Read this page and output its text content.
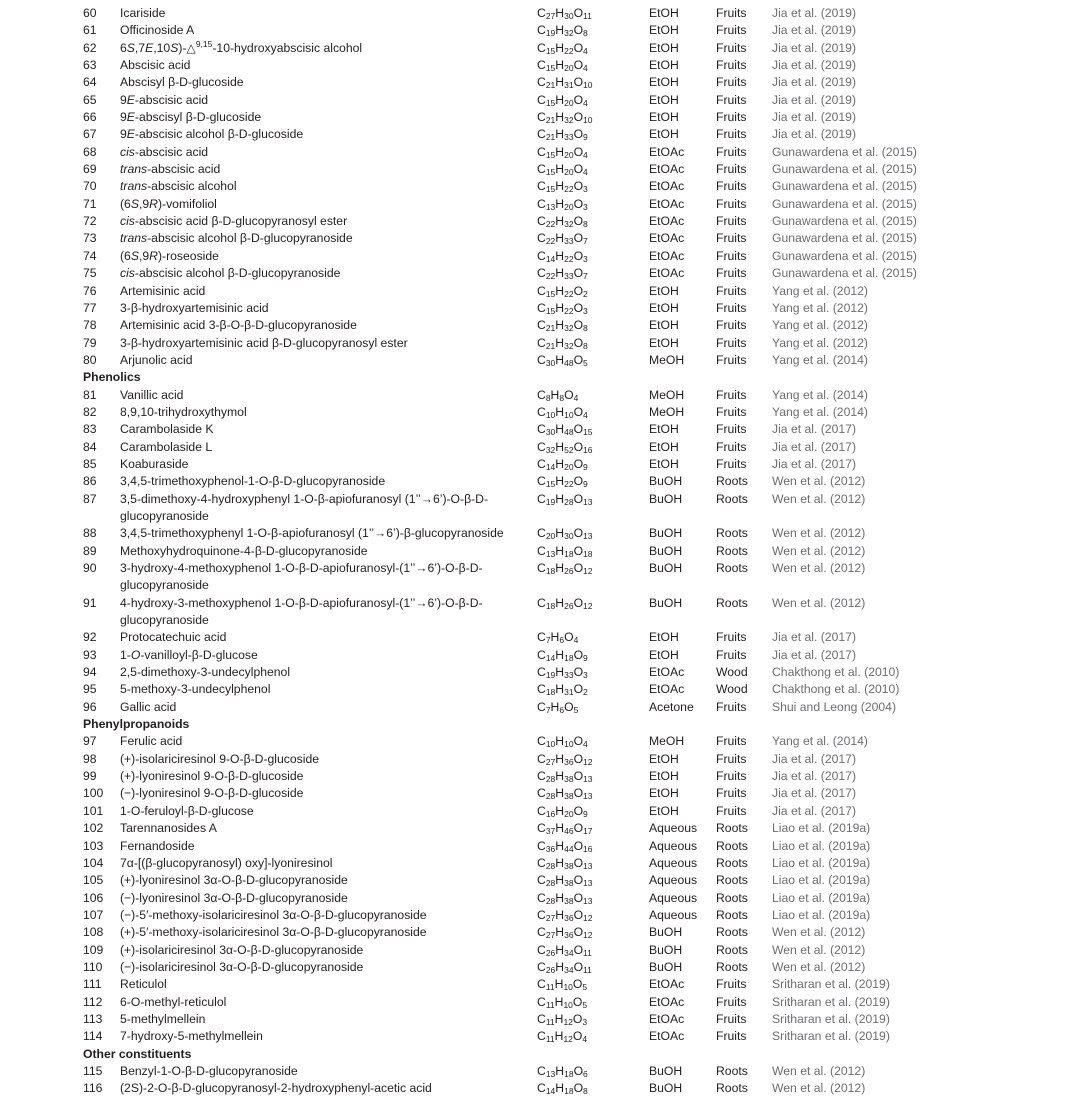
60	Icariside	$C_{27}H_{30}O_{11}$	EtOH	Fruits Jia et al. (2019)
61	Officinoside A	$C_{19}H_{32}O_8$	EtOH	Fruits Jia et al. (2019)
62	6S,7E,10S)-△$^{9,15}$-10-hydroxyabscisic alcohol	$C_{15}H_{22}O_4$	EtOH	Fruits Jia et al. (2019)
63	Abscisic acid	$C_{15}H_{20}O_4$	EtOH	Fruits Jia et al. (2019)
64	Abscisyl β-D-glucoside	$C_{21}H_{31}O_{10}$	EtOH	Fruits Jia et al. (2019)
65	9E-abscisic acid	$C_{15}H_{20}O_4$	EtOH	Fruits Jia et al. (2019)
66	9E-abscisyl β-D-glucoside	$C_{21}H_{32}O_{10}$	EtOH	Fruits Jia et al. (2019)
67	9E-abscisic alcohol β-D-glucoside	$C_{21}H_{33}O_9$	EtOH	Fruits Jia et al. (2019)
68	cis-abscisic acid	$C_{15}H_{20}O_4$	EtOAc	Fruits Gunawardena et al. (2015)
69	trans-abscisic acid	$C_{15}H_{20}O_4$	EtOAc	Fruits Gunawardena et al. (2015)
70	trans-abscisic alcohol	$C_{15}H_{22}O_3$	EtOAc	Fruits Gunawardena et al. (2015)
71	(6S,9R)-vomifoliol	$C_{13}H_{20}O_3$	EtOAc	Fruits Gunawardena et al. (2015)
72	cis-abscisic acid β-D-glucopyranosyl ester	$C_{22}H_{32}O_8$	EtOAc	Fruits Gunawardena et al. (2015)
73	trans-abscisic alcohol β-D-glucopyranoside	$C_{22}H_{33}O_7$	EtOAc	Fruits Gunawardena et al. (2015)
74	(6S,9R)-roseoside	$C_{14}H_{22}O_3$	EtOAc	Fruits Gunawardena et al. (2015)
75	cis-abscisic alcohol β-D-glucopyranoside	$C_{22}H_{33}O_7$	EtOAc	Fruits Gunawardena et al. (2015)
76	Artemisinic acid	$C_{15}H_{22}O_2$	EtOH	Fruits Yang et al. (2012)
77	3-β-hydroxyartemisinic acid	$C_{15}H_{22}O_3$	EtOH	Fruits Yang et al. (2012)
78	Artemisinic acid 3-β-O-β-D-glucopyranoside	$C_{21}H_{32}O_8$	EtOH	Fruits Yang et al. (2012)
79	3-β-hydroxyartemisinic acid β-D-glucopyranosyl ester	$C_{21}H_{32}O_8$	EtOH	Fruits Yang et al. (2012)
80	Arjunolic acid	$C_{30}H_{48}O_5$	MeOH	Fruits Yang et al. (2014)
Phenolics
81	Vanillic acid	$C_8H_8O_4$	MeOH	Fruits Yang et al. (2014)
82	8,9,10-trihydroxythymol	$C_{10}H_{10}O_4$	MeOH	Fruits Yang et al. (2014)
83	Carambolaside K	$C_{30}H_{48}O_{15}$	EtOH	Fruits Jia et al. (2017)
84	Carambolaside L	$C_{32}H_{52}O_{16}$	EtOH	Fruits Jia et al. (2017)
85	Koaburaside	$C_{14}H_{20}O_9$	EtOH	Fruits Jia et al. (2017)
86	3,4,5-trimethoxyphenol-1-O-β-D-glucopyranoside	$C_{15}H_{22}O_9$	BuOH	Roots Wen et al. (2012)
87	3,5-dimethoxy-4-hydroxyphenyl 1-O-β-apiofuranosyl (1’’→6’)-O-β-D-glucopyranoside
$C_{19}H_{28}O_{13}$	BuOH	Roots Wen et al. (2012)
88	3,4,5-trimethoxyphenyl 1-O-β-apiofuranosyl (1’’→6’)-β-glucopyranoside	$C_{20}H_{30}O_{13}$	BuOH	Roots Wen et al. (2012)
89	Methoxyhydroquinone-4-β-D-glucopyranoside	$C_{13}H_{18}O_{18}$	BuOH	Roots Wen et al. (2012)
90	3-hydroxy-4-methoxyphenol 1-O-β-D-apiofuranosyl-(1’’→6’)-O-β-D-glucopyranoside
$C_{18}H_{26}O_{12}$	BuOH	Roots Wen et al. (2012)
91	4-hydroxy-3-methoxyphenol 1-O-β-D-apiofuranosyl-(1’’→6’)-O-β-D-glucopyranoside
$C_{18}H_{26}O_{12}$	BuOH	Roots Wen et al. (2012)
92	Protocatechuic acid	$C_7H_6O_4$	EtOH	Fruits Jia et al. (2017)
93	1-O-vanilloyl-β-D-glucose	$C_{14}H_{18}O_9$	EtOH	Fruits Jia et al. (2017)
94	2,5-dimethoxy-3-undecylphenol	$C_{19}H_{33}O_3$	EtOAc	Wood Chakthong et al. (2010)
95	5-methoxy-3-undecylphenol	$C_{18}H_{31}O_2$	EtOAc	Wood Chakthong et al. (2010)
96	Gallic acid	$C_7H_6O_5$	Acetone Fruits Shui and Leong (2004)
Phenylpropanoids
97	Ferulic acid	$C_{10}H_{10}O_4$	MeOH	Fruits Yang et al. (2014)
98	(+)-isolariciresinol 9-O-β-D-glucoside	$C_{27}H_{36}O_{12}$	EtOH	Fruits Jia et al. (2017)
99	(+)-lyoniresinol 9-O-β-D-glucoside	$C_{28}H_{38}O_{13}$	EtOH	Fruits Jia et al. (2017)
100	(−)-lyoniresinol 9-O-β-D-glucoside	$C_{28}H_{38}O_{13}$	EtOH	Fruits Jia et al. (2017)
101	1-O-feruloyl-β-D-glucose	$C_{16}H_{20}O_9$	EtOH	Fruits Jia et al. (2017)
102	Tarennanosides A	$C_{37}H_{46}O_{17}$	Aqueous Roots Liao et al. (2019a)
103	Fernandoside	$C_{36}H_{44}O_{16}$	Aqueous Roots Liao et al. (2019a)
104	7α-[(β-glucopyranosyl) oxy]-lyoniresinol	$C_{28}H_{38}O_{13}$	Aqueous Roots Liao et al. (2019a)
105	(+)-lyoniresinol 3α-O-β-D-glucopyranoside	$C_{28}H_{38}O_{13}$	Aqueous Roots Liao et al. (2019a)
106	(−)-lyoniresinol 3α-O-β-D-glucopyranoside	$C_{28}H_{38}O_{13}$	Aqueous Roots Liao et al. (2019a)
107	(−)-5′-methoxy-isolariciresinol 3α-O-β-D-glucopyranoside	$C_{27}H_{36}O_{12}$	Aqueous Roots Liao et al. (2019a)
108	(+)-5′-methoxy-isolariciresinol 3α-O-β-D-glucopyranoside	$C_{27}H_{36}O_{12}$	BuOH	Roots Wen et al. (2012)
109	(+)-isolariciresinol 3α-O-β-D-glucopyranoside	$C_{26}H_{34}O_{11}$	BuOH	Roots Wen et al. (2012)
110	(−)-isolariciresinol 3α-O-β-D-glucopyranoside	$C_{26}H_{34}O_{11}$	BuOH	Roots Wen et al. (2012)
111	Reticulol	$C_{11}H_{10}O_5$	EtOAc	Fruits Sritharan et al. (2019)
112	6-O-methyl-reticulol	$C_{11}H_{10}O_5$	EtOAc	Fruits Sritharan et al. (2019)
113	5-methylmellein	$C_{11}H_{12}O_3$	EtOAc	Fruits Sritharan et al. (2019)
114	7-hydroxy-5-methylmellein	$C_{11}H_{12}O_4$	EtOAc	Fruits Sritharan et al. (2019)
Other constituents
115	Benzyl-1-O-β-D-glucopyranoside	$C_{13}H_{18}O_6$	BuOH	Roots Wen et al. (2012)
116	(2S)-2-O-β-D-glucopyranosyl-2-hydroxyphenyl-acetic acid	$C_{14}H_{18}O_8$	BuOH	Roots Wen et al. (2012)
